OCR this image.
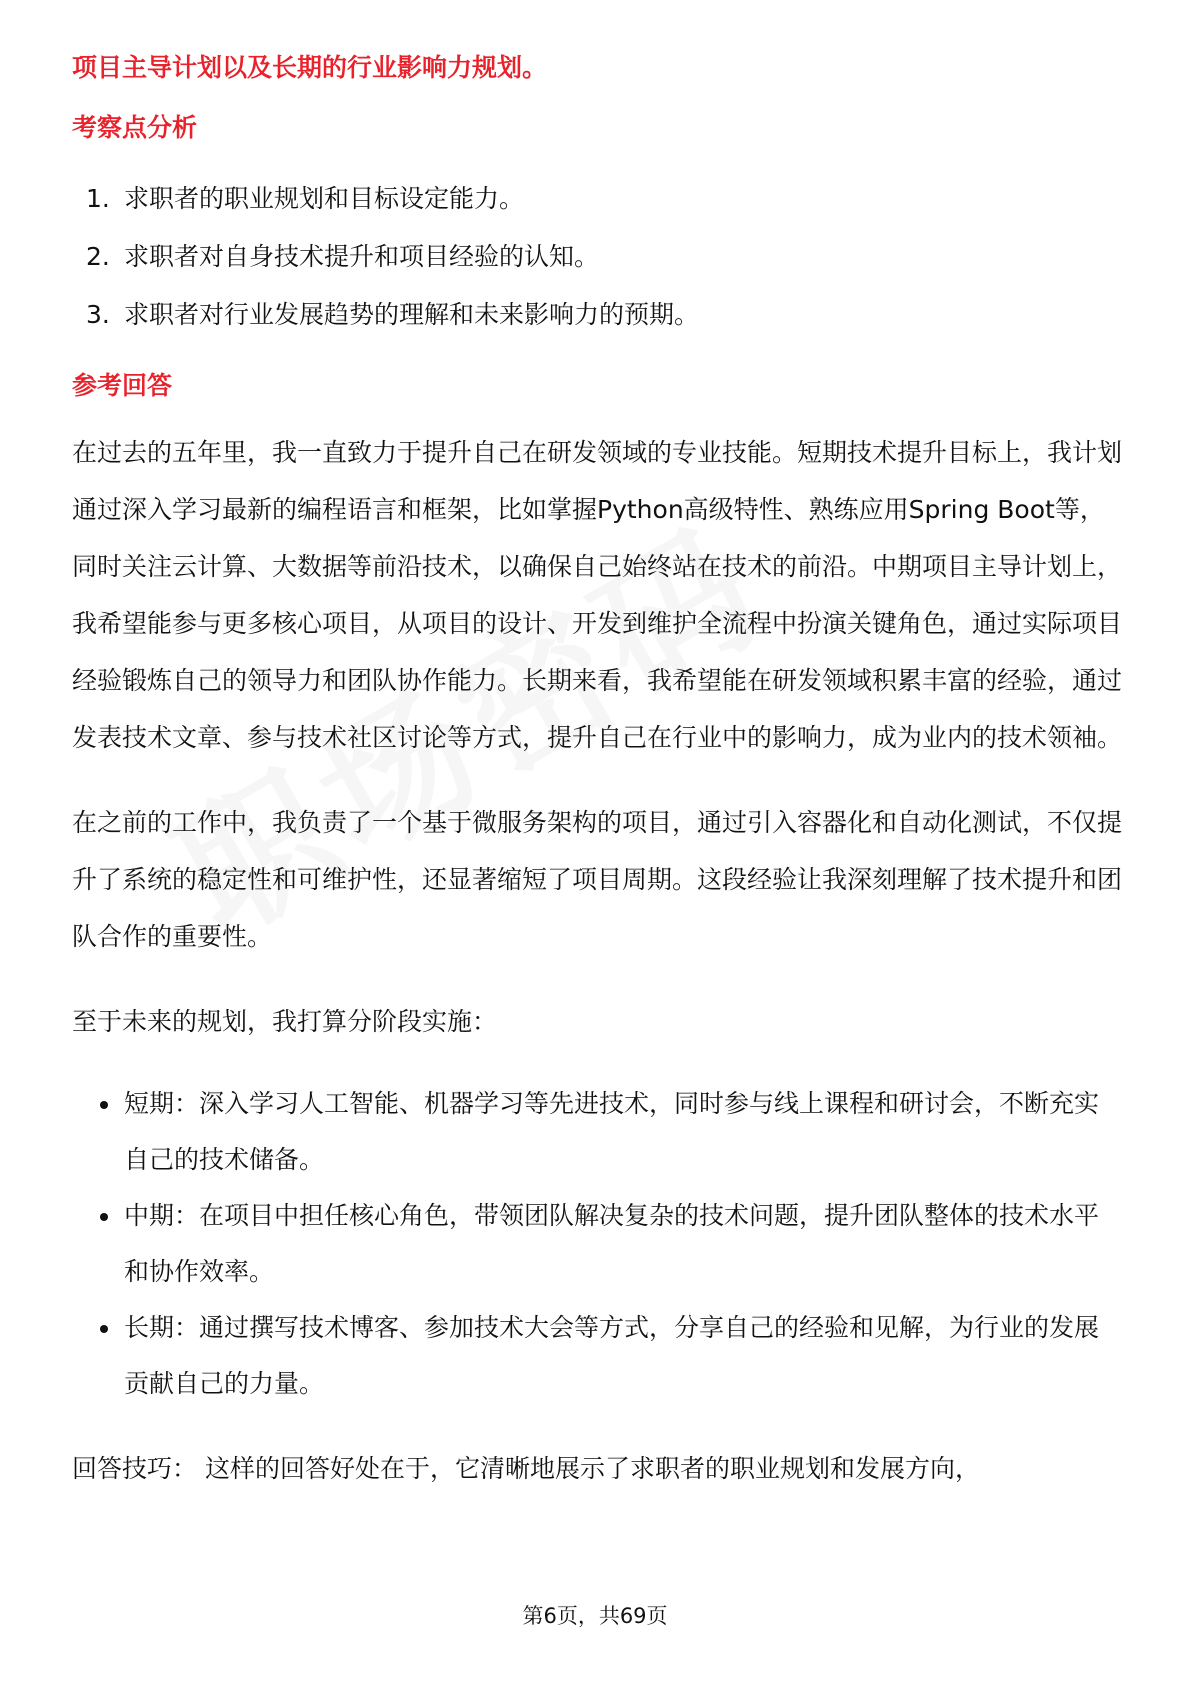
项目主导计划以及长期的行业影响力规划。

考察点分析
1. 求职者的职业规划和目标设定能力。
2. 求职者对自身技术提升和项目经验的认知。
3. 求职者对行业发展趋势的理解和未来影响力的预期。
参考回答

在过去的五年里，我一直致力于提升自己在研发领域的专业技能。短期技术提升目标上，我计划通过深入学习最新的编程语言和框架，比如掌握Python高级特性、熟练应用Spring Boot等，同时关注云计算、大数据等前沿技术，以确保自己始终站在技术的前沿。中期项目主导计划上，我希望能参与更多核心项目，从项目的设计、开发到维护全流程中扮演关键角色，通过实际项目经验锻炼自己的领导力和团队协作能力。长期来看，我希望能在研发领域积累丰富的经验，通过发表技术文章、参与技术社区讨论等方式，提升自己在行业中的影响力，成为业内的技术领袖。

在之前的工作中，我负责了一个基于微服务架构的项目，通过引入容器化和自动化测试，不仅提升了系统的稳定性和可维护性，还显著缩短了项目周期。这段经验让我深刻理解了技术提升和团队合作的重要性。

至于未来的规划，我打算分阶段实施：

短期：深入学习人工智能、机器学习等先进技术，同时参与线上课程和研讨会，不断充实自己的技术储备。
中期：在项目中担任核心角色，带领团队解决复杂的技术问题，提升团队整体的技术水平和协作效率。
长期：通过撰写技术博客、参加技术大会等方式，分享自己的经验和见解，为行业的发展贡献自己的力量。

回答技巧： 这样的回答好处在于，它清晰地展示了求职者的职业规划和发展方向，

第6页，共69页
